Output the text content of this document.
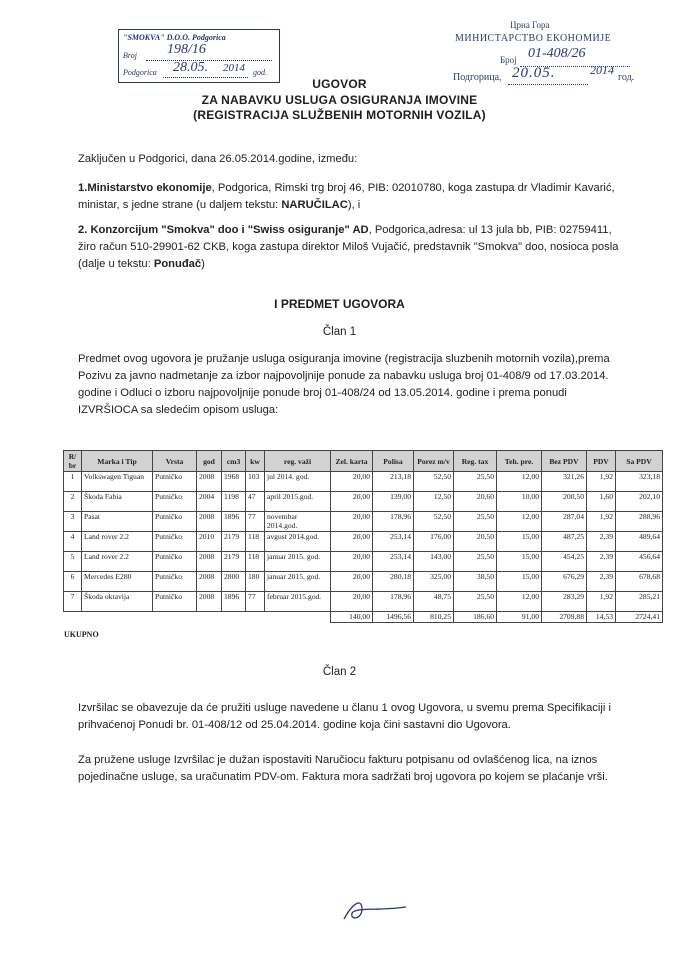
"SMOKVA" D.O.O. Podgorica
Broj 198/16
Podgorica 28.05. 2014 god.
Црна Гора
МИНИСТАРСТВО ЕКОНОМИЈЕ
Број 01-408/26
Подгорица, 20.05.	2014
год.
UGOVOR
ZA NABAVKU USLUGA OSIGURANJA IMOVINE
(REGISTRACIJA SLUŽBENIH MOTORNIH VOZILA)
Zaključen u Podgorici, dana 26.05.2014.godine, između:
1.Ministarstvo ekonomije, Podgorica, Rimski trg broj 46, PIB: 02010780, koga zastupa dr Vladimir Kavarić, ministar, s jedne strane (u daljem tekstu: NARUČILAC), i
2. Konzorcijum "Smokva" doo i "Swiss osiguranje" AD, Podgorica,adresa: ul 13 jula bb, PIB: 02759411, žiro račun 510-29901-62 CKB, koga zastupa direktor Miloš Vujačić, predstavnik "Smokva" doo, nosioca posla (dalje u tekstu: Ponuđač)
I PREDMET UGOVORA
Član 1
Predmet ovog ugovora je pružanje usluga osiguranja imovine (registracija sluzbenih motornih vozila),prema Pozivu za javno nadmetanje za izbor najpovoljnije ponude za nabavku usluga broj 01-408/9 od 17.03.2014. godine i Odluci o izboru najpovoljnije ponude broj 01-408/24 od 13.05.2014. godine i prema ponudi IZVRŠIOCA sa sledećim opisom usluga:
R/ br	Marka i Tip	Vrsta	god	cm3	kw	reg. važi	Zel. karta	Polisa	Porez m/v	Reg. tax	Teh. pre.	Bez PDV	PDV	Sa PDV
1	Volkswagen Tiguan	Putničko	2008	1968	103	jul 2014. god.	20,00	213,18	52,50	25,50	12,00	321,26	1,92	323,18
2	Škoda Fabia	Putničko	2004	1198	47	april 2015.god.	20,00	139,00	12,50	20,60	10,00	200,50	1,60	202,10
3	Pasat	Putničko	2008	1896	77	novembar 2014.god.	20,00	178,96	52,50	25,50	12,00	287,04	1,92	288,96
4	Land rover 2.2	Putničko	2010	2179	118	avgust 2014.god.	20,00	253,14	176,00	20,50	15,00	487,25	2,39	489,64
5	Land rover 2.2	Putničko	2008	2179	118	januar 2015. god.	20,00	253,14	143,00	25,50	15,00	454,25	2,39	456,64
6	Mercedes E280	Putničko	2008	2800	180	januar 2015. god.	20,00	280,18	325,00	38,50	15,00	676,29	2,39	678,68
7	Škoda oktavija	Putničko	2008	1896	77	februar 2015.god.	20,00	178,96	48,75	25,50	12,00	283,29	1,92	285,21
							140,00	1496,56	810,25	186,60	91,00	2709,88	14,53	2724,41
UKUPNO
Član 2
Izvršilac se obavezuje da će pružiti usluge navedene u članu 1 ovog Ugovora, u svemu prema Specifikaciji i prihvaćenoj Ponudi br. 01-408/12 od 25.04.2014. godine koja čini sastavni dio Ugovora.
Za pružene usluge Izvršilac je dužan ispostaviti Naručiocu fakturu potpisanu od ovlašćenog lica, na iznos pojedinačne usluge, sa uračunatim PDV-om. Faktura mora sadržati broj ugovora po kojem se plaćanje vrši.
